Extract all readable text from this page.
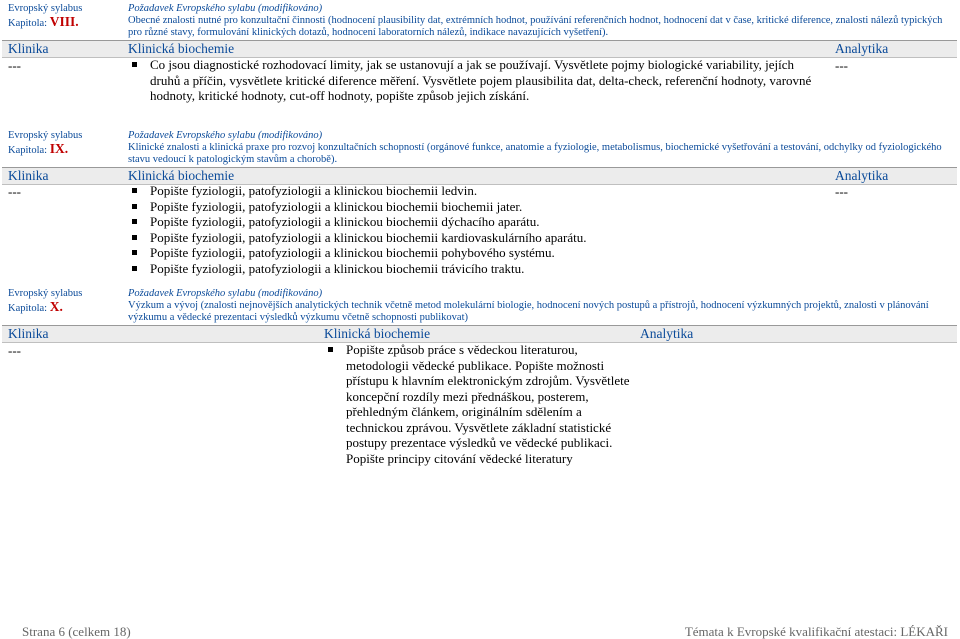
Evropský sylabus
Kapitola: VIII.
Požadavek Evropského sylabu (modifikováno)
Obecné znalosti nutné pro konzultační činnosti (hodnocení plausibility dat, extrémních hodnot, používání referenčních hodnot, hodnocení dat v čase, kritické diference, znalosti nálezů typických pro různé stavy, formulování klinických dotazů, hodnocení laboratorních nálezů, indikace navazujících vyšetření).
Klinika	Klinická biochemie	Analytika
---	Co jsou diagnostické rozhodovací limity, jak se ustanovují a jak se používají. Vysvětlete pojmy biologické variability, jejích druhů a příčin, vysvětlete kritické diference měření. Vysvětlete pojem plausibilita dat, delta-check, referenční hodnoty, varovné hodnoty, kritické hodnoty, cut-off hodnoty, popište způsob jejich získání.
---
Evropský sylabus
Kapitola: IX.
Požadavek Evropského sylabu (modifikováno)
Klinické znalosti a klinická praxe pro rozvoj konzultačních schopností (orgánové funkce, anatomie a fyziologie, metabolismus, biochemické vyšetřování a testování, odchylky od fyziologického stavu vedoucí k patologickým stavům a chorobě).
Klinika	Klinická biochemie	Analytika
---	Popište fyziologii, patofyziologii a klinickou biochemii ledvin.
Popište fyziologii, patofyziologii a klinickou biochemii biochemii jater.
Popište fyziologii, patofyziologii a klinickou biochemii dýchacího aparátu.
Popište fyziologii, patofyziologii a klinickou biochemii kardiovaskulárního aparátu.
Popište fyziologii, patofyziologii a klinickou biochemii pohybového systému.
Popište fyziologii, patofyziologii a klinickou biochemii trávicího traktu.
---
Evropský sylabus
Kapitola: X.
Požadavek Evropského sylabu (modifikováno)
Výzkum a vývoj (znalosti nejnovějších analytických technik včetně metod molekulární biologie, hodnocení nových postupů a přístrojů, hodnocení výzkumných projektů, znalosti v plánování výzkumu a vědecké prezentaci výsledků výzkumu včetně schopnosti publikovat)
Klinika	Klinická biochemie	Analytika
---	Popište způsob práce s vědeckou literaturou, metodologii vědecké publikace. Popište možnosti přístupu k hlavním elektronickým zdrojům. Vysvětlete koncepční rozdíly mezi přednáškou, posterem, přehledným článkem, originálním sdělením a technickou zprávou. Vysvětlete základní statistické postupy prezentace výsledků ve vědecké publikaci. Popište principy citování vědecké literatury
Strana 6 (celkem 18)	Témata k Evropské kvalifikační atestaci: LÉKAŘI
